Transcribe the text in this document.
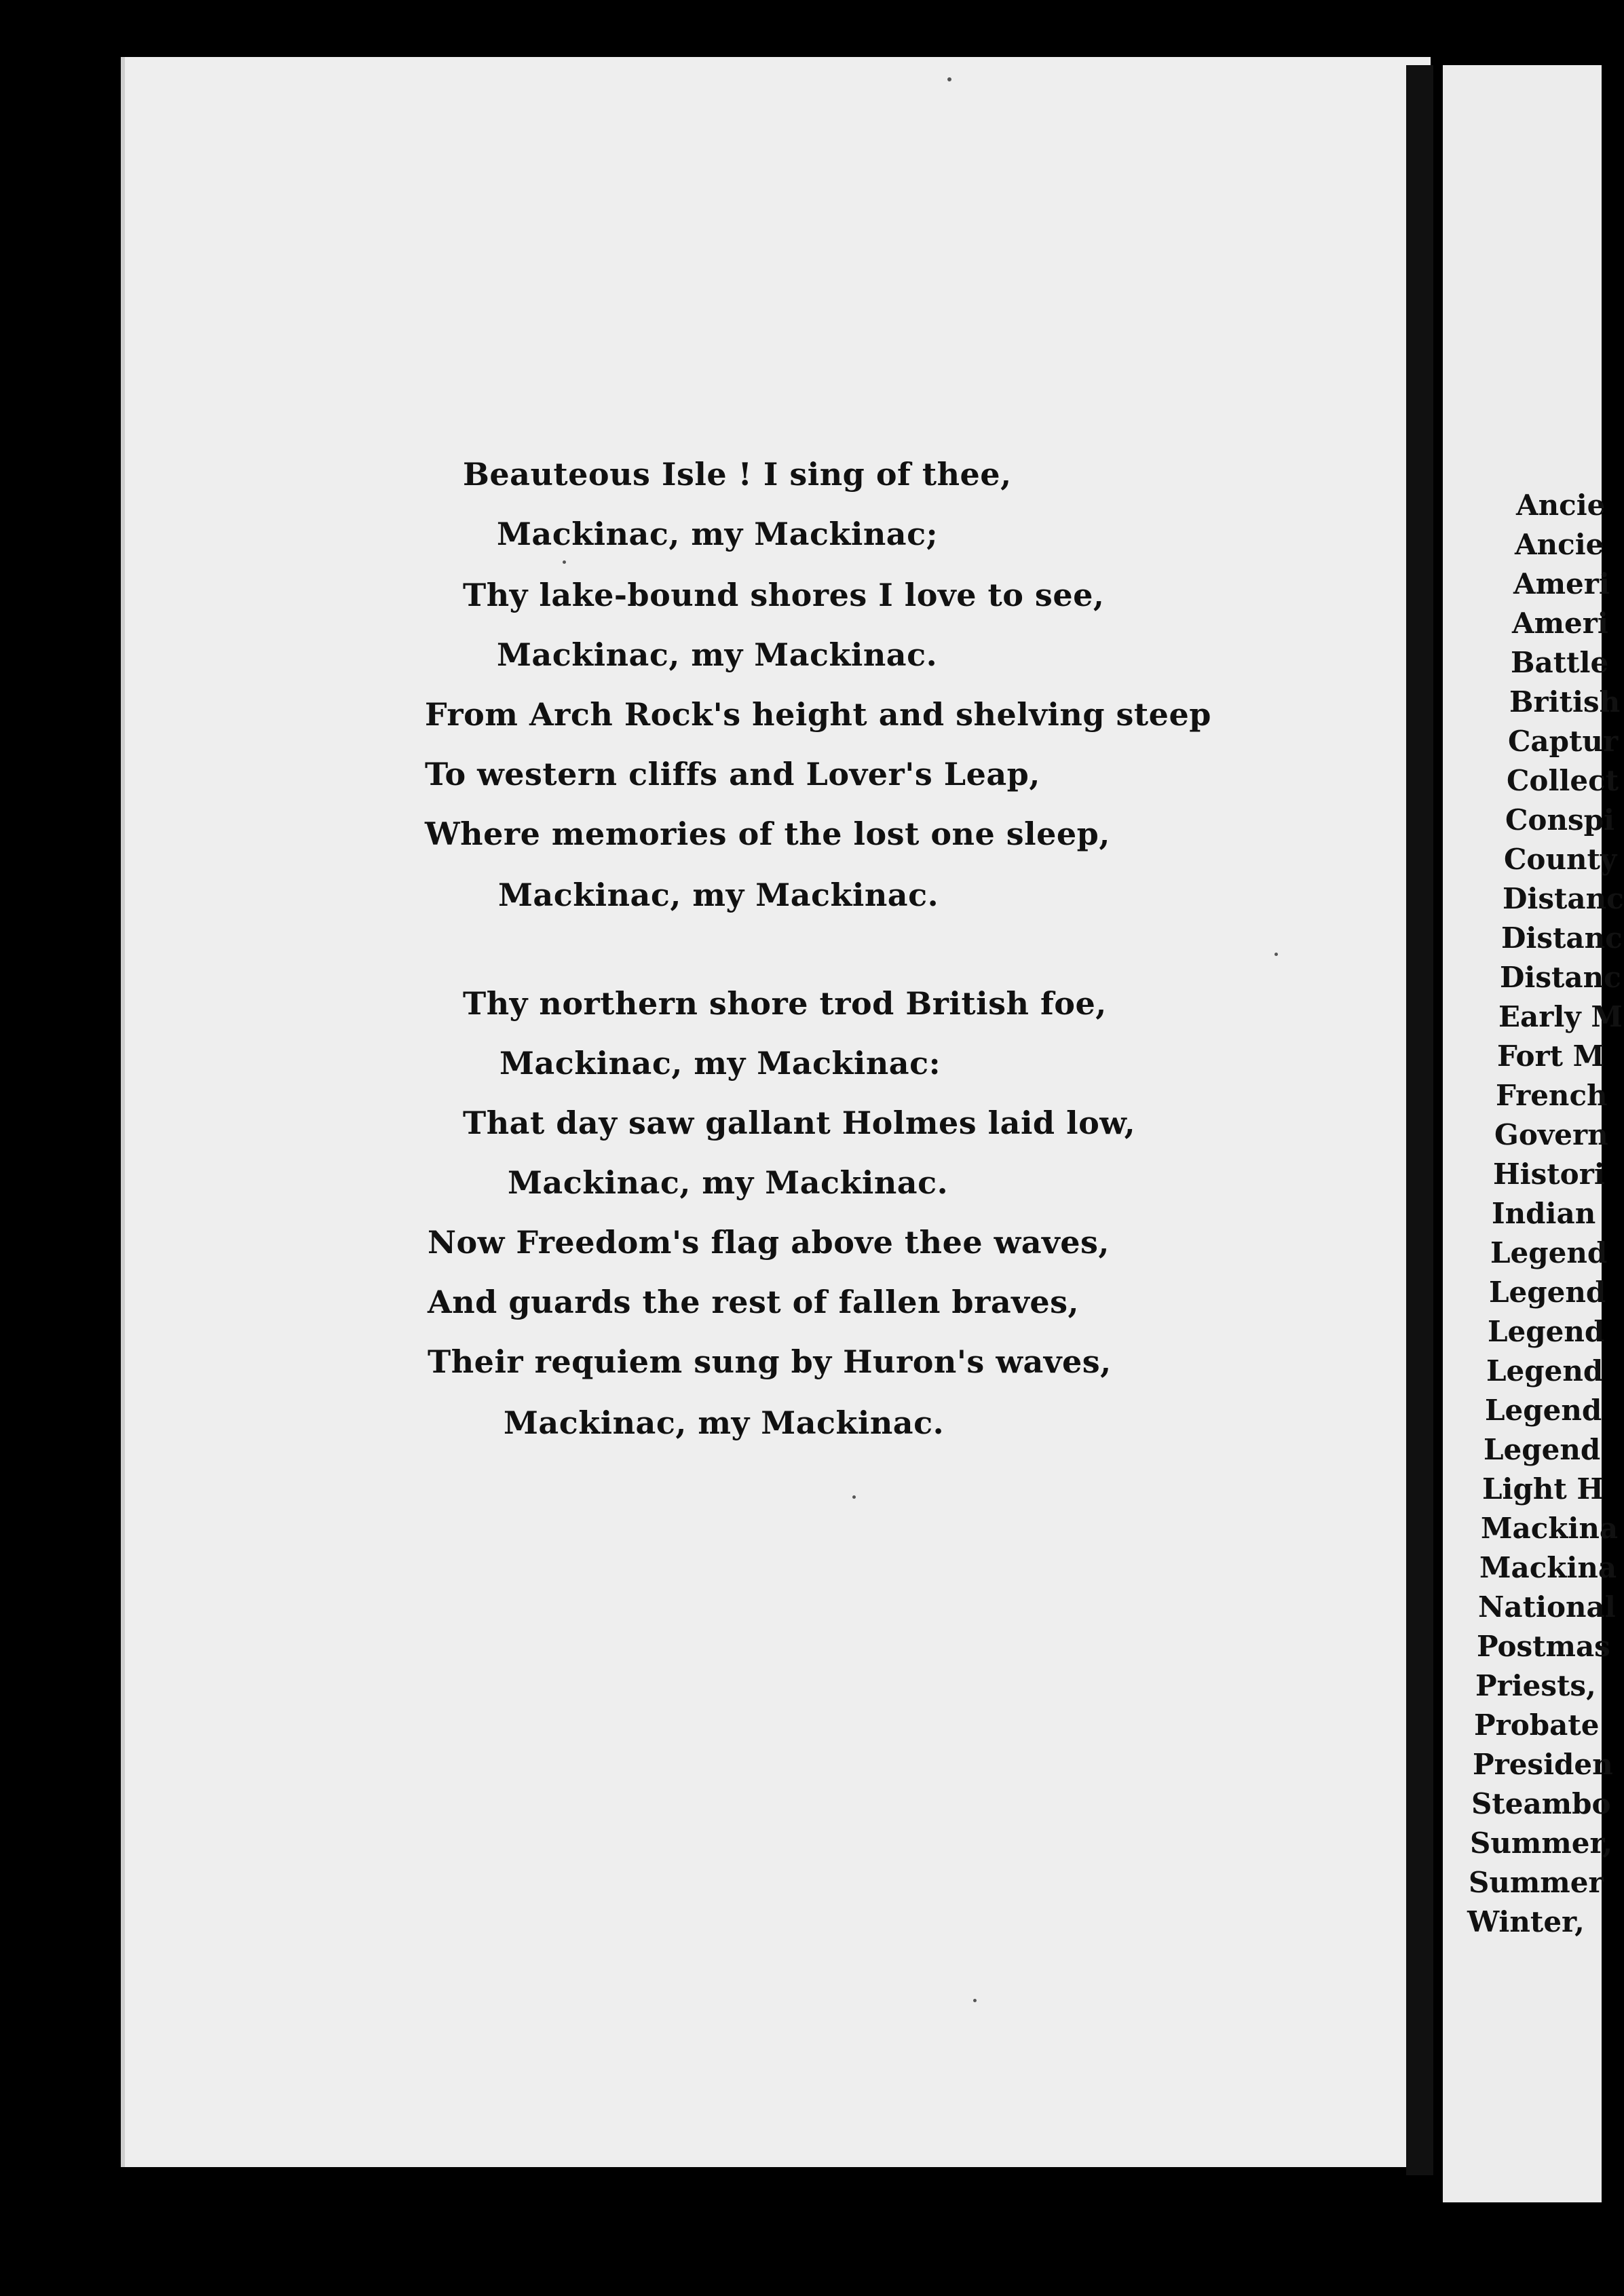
Beauteous Isle ! I sing of thee,
Mackinac, my Mackinac;
Thy lake-bound shores I love to see,
Mackinac, my Mackinac.
From Arch Rock's height and shelving steep
To western cliffs and Lover's Leap,
Where memories of the lost one sleep,
Mackinac, my Mackinac.
Thy northern shore trod British foe,
Mackinac, my Mackinac:
That day saw gallant Holmes laid low,
Mackinac, my Mackinac.
Now Freedom's flag above thee waves,
And guards the rest of fallen braves,
Their requiem sung by Huron's waves,
Mackinac, my Mackinac.
Ancie
Ancie
Ameri
Ameri
Battle
British
Captur
Collect
Conspi
County
Distanc
Distanc
Distanc
Early M
Fort M
French
Govern
Histori
Indian
Legend
Legend
Legend
Legend
Legend
Legend
Light H
Mackina
Mackina
National
Postmas
Priests,
Probate
Presiden
Steambo
Summer,
Summer
Winter,
